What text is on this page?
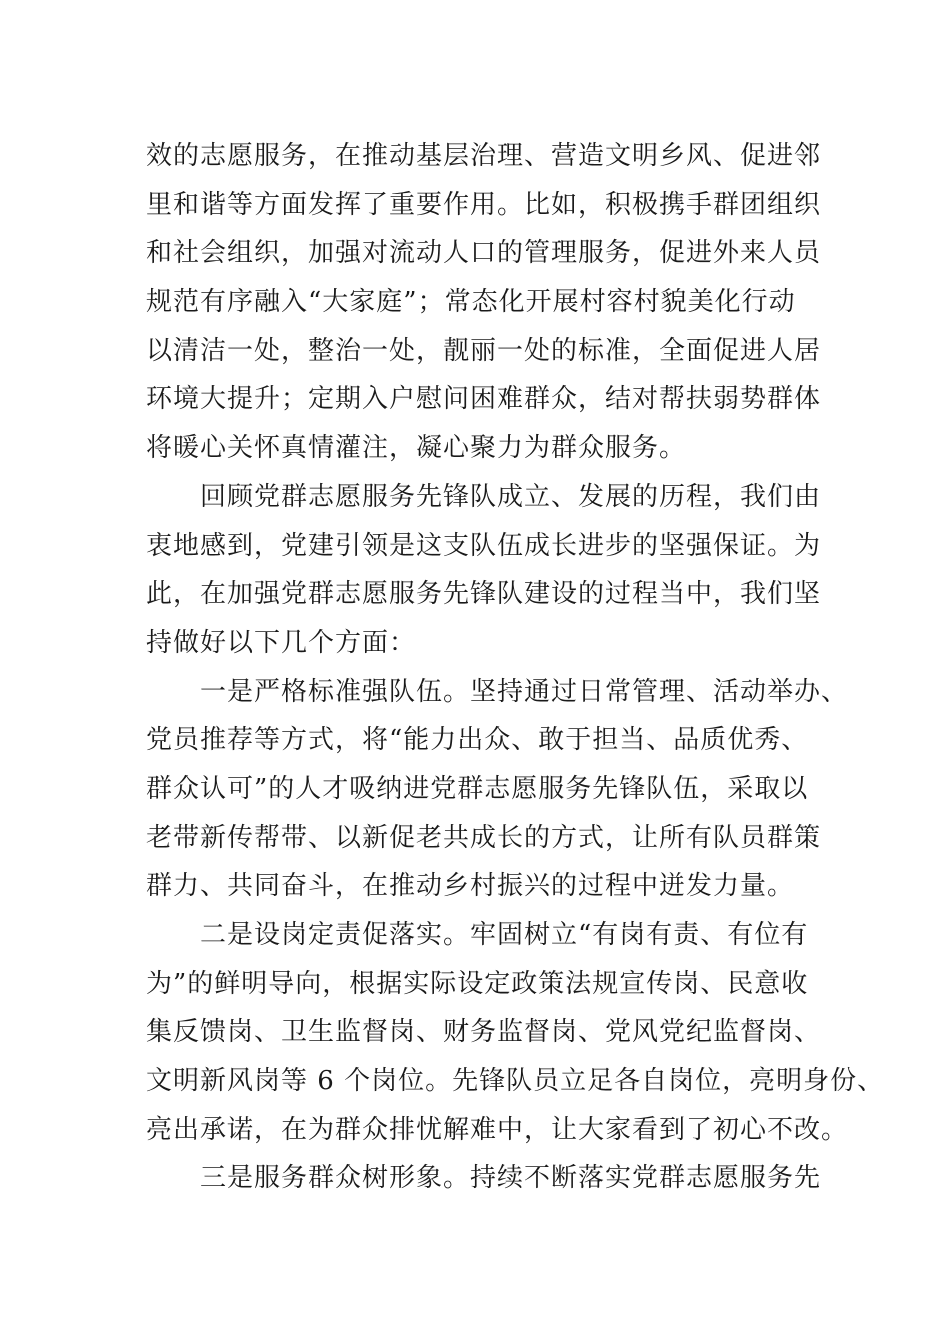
效的志愿服务，在推动基层治理、营造文明乡风、促进邻
里和谐等方面发挥了重要作用。比如，积极携手群团组织
和社会组织，加强对流动人口的管理服务，促进外来人员
规范有序融入“大家庭”；常态化开展村容村貌美化行动
以清洁一处，整治一处，靓丽一处的标准，全面促进人居
环境大提升；定期入户慰问困难群众，结对帮扶弱势群体
将暖心关怀真情灌注，凝心聚力为群众服务。
回顾党群志愿服务先锋队成立、发展的历程，我们由
衷地感到，党建引领是这支队伍成长进步的坚强保证。为
此，在加强党群志愿服务先锋队建设的过程当中，我们坚
持做好以下几个方面：
一是严格标准强队伍。坚持通过日常管理、活动举办、
党员推荐等方式，将“能力出众、敢于担当、品质优秀、
群众认可”的人才吸纳进党群志愿服务先锋队伍，采取以
老带新传帮带、以新促老共成长的方式，让所有队员群策
群力、共同奋斗，在推动乡村振兴的过程中迸发力量。
二是设岗定责促落实。牢固树立“有岗有责、有位有
为”的鲜明导向，根据实际设定政策法规宣传岗、民意收
集反馈岗、卫生监督岗、财务监督岗、党风党纪监督岗、
文明新风岗等 6 个岗位。先锋队员立足各自岗位，亮明身份、
亮出承诺，在为群众排忧解难中，让大家看到了初心不改。
三是服务群众树形象。持续不断落实党群志愿服务先
